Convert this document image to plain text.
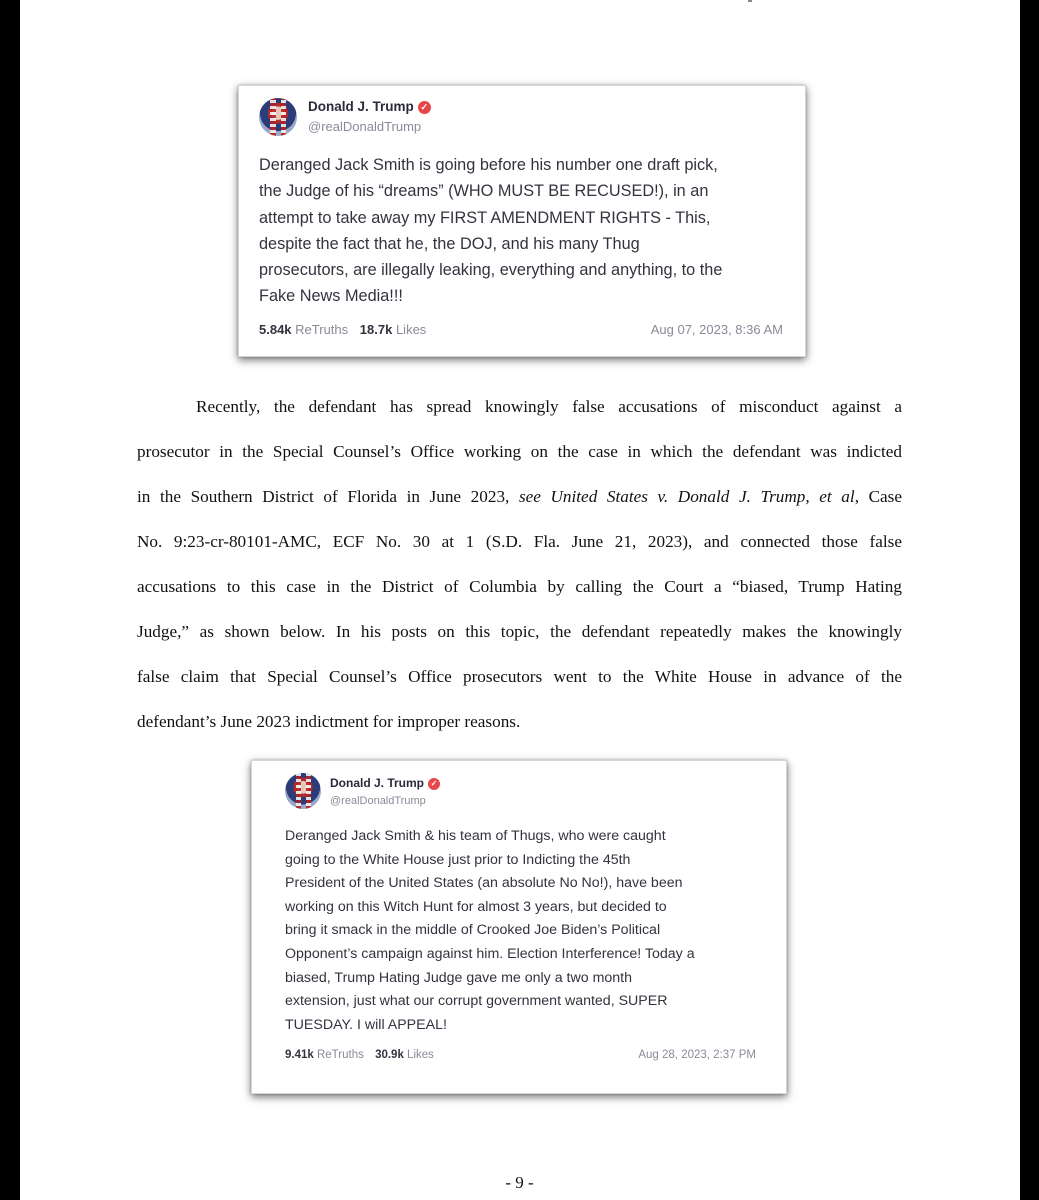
Donald J. Trump ✓
@realDonaldTrump
Deranged Jack Smith is going before his number one draft pick,
the Judge of his “dreams” (WHO MUST BE RECUSED!), in an
attempt to take away my FIRST AMENDMENT RIGHTS - This,
despite the fact that he, the DOJ, and his many Thug
prosecutors, are illegally leaking, everything and anything, to the
Fake News Media!!!
5.84k ReTruths 18.7k Likes	Aug 07, 2023, 8:36 AM
Recently, the defendant has spread knowingly false accusations of misconduct against a
prosecutor in the Special Counsel’s Office working on the case in which the defendant was indicted
in the Southern District of Florida in June 2023, see United States v. Donald J. Trump, et al, Case
No. 9:23-cr-80101-AMC, ECF No. 30 at 1 (S.D. Fla. June 21, 2023), and connected those false
accusations to this case in the District of Columbia by calling the Court a “biased, Trump Hating
Judge,” as shown below. In his posts on this topic, the defendant repeatedly makes the knowingly
false claim that Special Counsel’s Office prosecutors went to the White House in advance of the
defendant’s June 2023 indictment for improper reasons.
Donald J. Trump ✓
@realDonaldTrump
Deranged Jack Smith & his team of Thugs, who were caught
going to the White House just prior to Indicting the 45th
President of the United States (an absolute No No!), have been
working on this Witch Hunt for almost 3 years, but decided to
bring it smack in the middle of Crooked Joe Biden’s Political
Opponent’s campaign against him. Election Interference! Today a
biased, Trump Hating Judge gave me only a two month
extension, just what our corrupt government wanted, SUPER
TUESDAY. I will APPEAL!
9.41k ReTruths 30.9k Likes	Aug 28, 2023, 2:37 PM
- 9 -
